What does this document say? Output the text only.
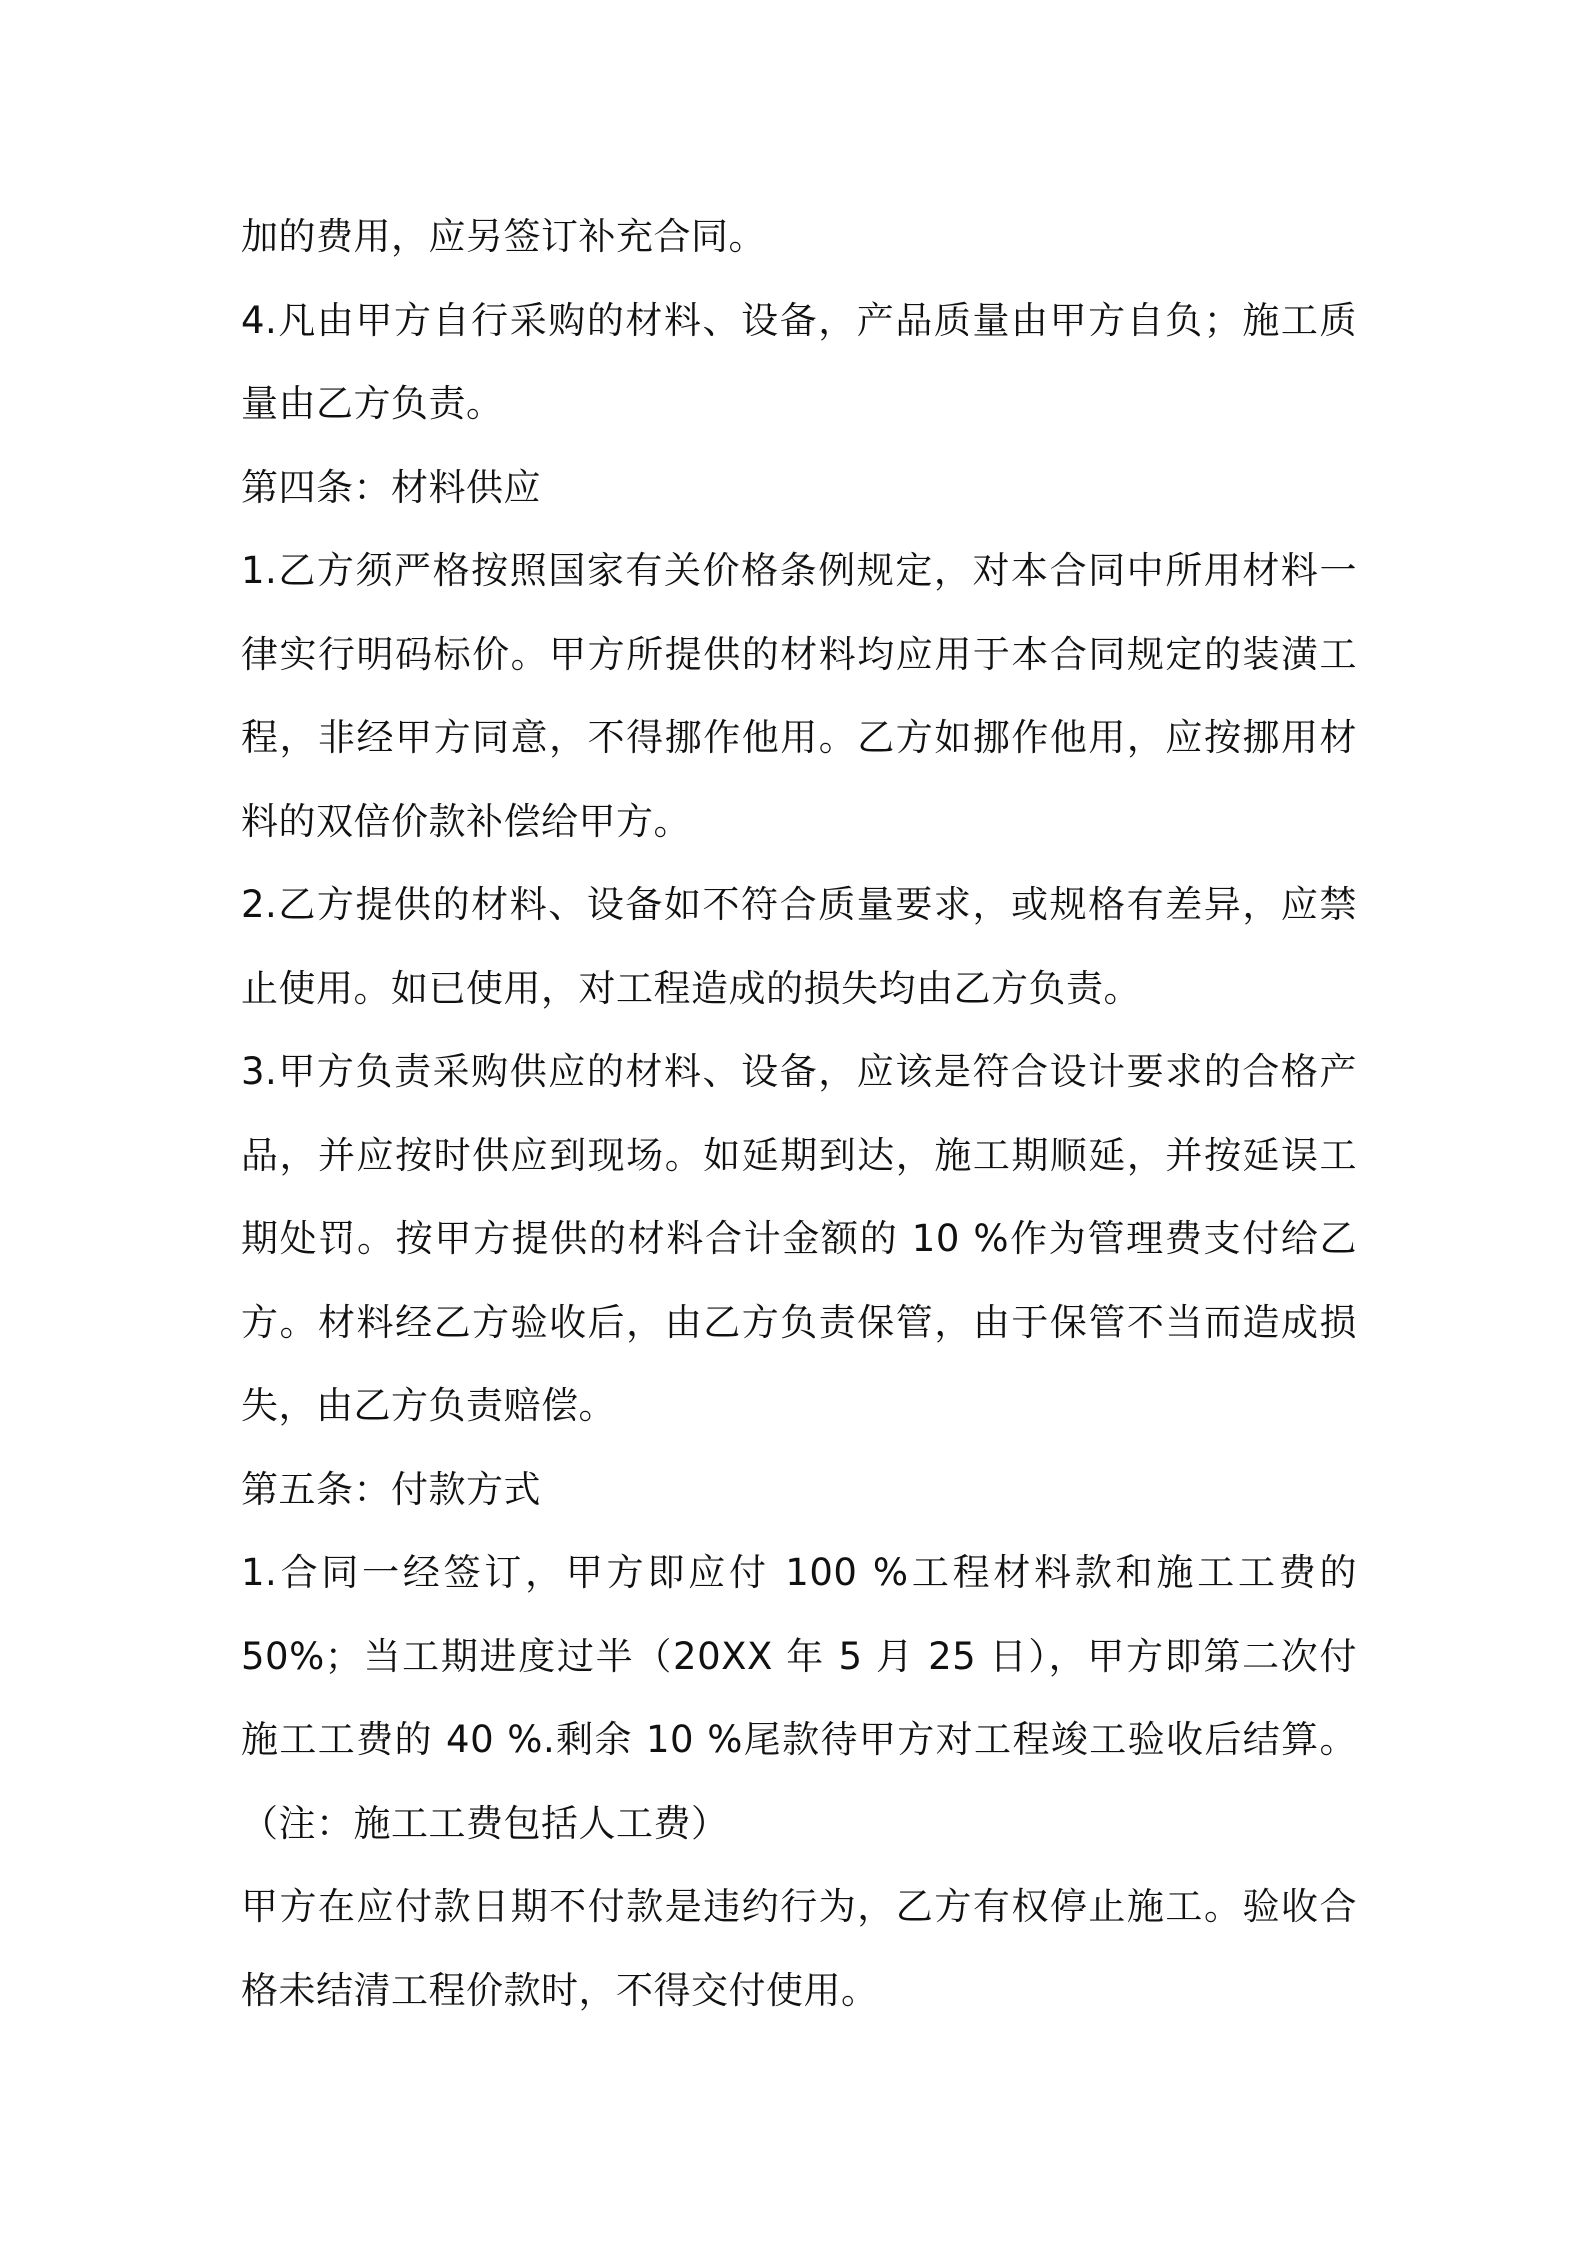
加的费用，应另签订补充合同。

4.凡由甲方自行采购的材料、设备，产品质量由甲方自负；施工质量由乙方负责。

第四条：材料供应

1.乙方须严格按照国家有关价格条例规定，对本合同中所用材料一律实行明码标价。甲方所提供的材料均应用于本合同规定的装潢工程，非经甲方同意，不得挪作他用。乙方如挪作他用，应按挪用材料的双倍价款补偿给甲方。

2.乙方提供的材料、设备如不符合质量要求，或规格有差异，应禁止使用。如已使用，对工程造成的损失均由乙方负责。

3.甲方负责采购供应的材料、设备，应该是符合设计要求的合格产品，并应按时供应到现场。如延期到达，施工期顺延，并按延误工期处罚。按甲方提供的材料合计金额的 10 %作为管理费支付给乙方。材料经乙方验收后，由乙方负责保管，由于保管不当而造成损失，由乙方负责赔偿。

第五条：付款方式

1.合同一经签订，甲方即应付 100 %工程材料款和施工工费的 50%；当工期进度过半（20XX 年 5 月 25 日），甲方即第二次付施工工费的 40 %.剩余 10 %尾款待甲方对工程竣工验收后结算。（注：施工工费包括人工费）

甲方在应付款日期不付款是违约行为，乙方有权停止施工。验收合格未结清工程价款时，不得交付使用。
